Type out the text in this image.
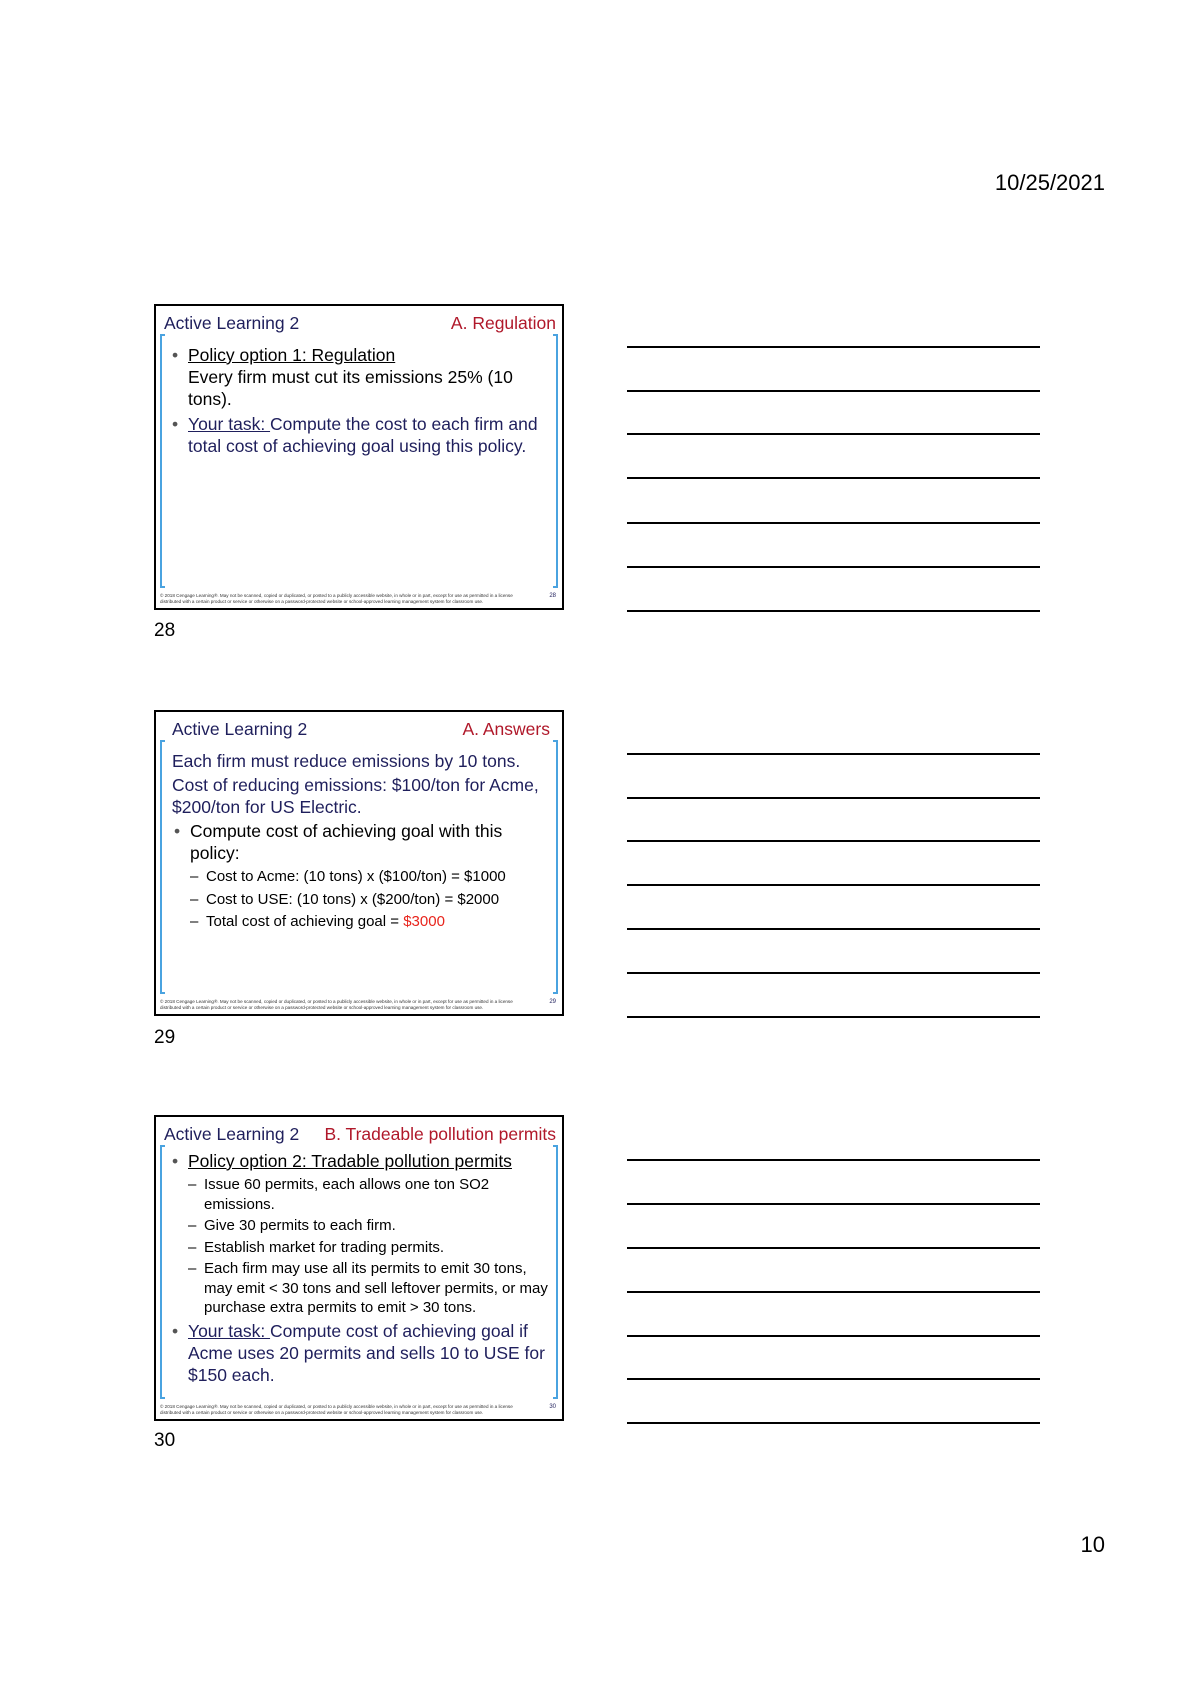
10/25/2021
Active Learning 2	A. Regulation
• Policy option 1: Regulation
Every firm must cut its emissions 25% (10 tons).
• Your task: Compute the cost to each firm and total cost of achieving goal using this policy.
© 2018 Cengage Learning®. May not be scanned, copied or duplicated, or posted to a publicly accessible website, in whole or in part, except for use as permitted in a license distributed with a certain product or service or otherwise on a password-protected website or school-approved learning management system for classroom use.
28
28
Active Learning 2	A. Answers
Each firm must reduce emissions by 10 tons.
Cost of reducing emissions: $100/ton for Acme, $200/ton for US Electric.
• Compute cost of achieving goal with this policy:
– Cost to Acme: (10 tons) x ($100/ton) = $1000
– Cost to USE: (10 tons) x ($200/ton) = $2000
– Total cost of achieving goal = $3000
© 2018 Cengage Learning®. May not be scanned, copied or duplicated, or posted to a publicly accessible website, in whole or in part, except for use as permitted in a license distributed with a certain product or service or otherwise on a password-protected website or school-approved learning management system for classroom use.
29
29
Active Learning 2 B. Tradeable pollution permits
• Policy option 2: Tradable pollution permits
– Issue 60 permits, each allows one ton SO2 emissions.
– Give 30 permits to each firm.
– Establish market for trading permits.
– Each firm may use all its permits to emit 30 tons, may emit < 30 tons and sell leftover permits, or may purchase extra permits to emit > 30 tons.
• Your task: Compute cost of achieving goal if Acme uses 20 permits and sells 10 to USE for $150 each.
© 2018 Cengage Learning®. May not be scanned, copied or duplicated, or posted to a publicly accessible website, in whole or in part, except for use as permitted in a license distributed with a certain product or service or otherwise on a password-protected website or school-approved learning management system for classroom use.
30
30
10
